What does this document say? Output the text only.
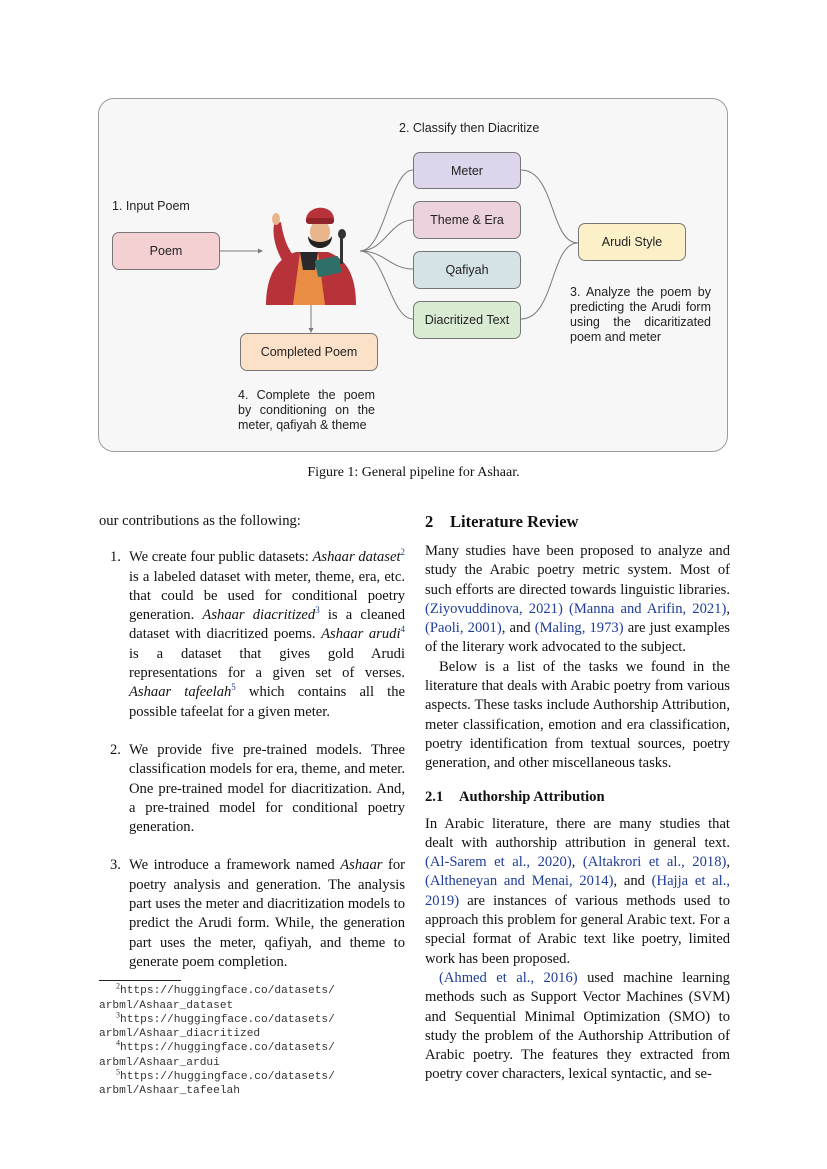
1. Input Poem
2. Classify then Diacritize
3. Analyze the poem by predicting the Arudi form using the dicaritizated poem and meter
4. Complete the poem by conditioning on the meter, qafiyah & theme
Poem
Meter
Theme & Era
Qafiyah
Diacritized Text
Arudi Style
Completed Poem
Figure 1: General pipeline for Ashaar.

our contributions as the following:

1. We create four public datasets: Ashaar dataset$^2$ is a labeled dataset with meter, theme, era, etc. that could be used for conditional poetry generation. Ashaar diacritized$^3$ is a cleaned dataset with diacritized poems. Ashaar arudi$^4$ is a dataset that gives gold Arudi representations for a given set of verses. Ashaar tafeelah$^5$ which contains all the possible tafeelat for a given meter.
2. We provide five pre-trained models. Three classification models for era, theme, and meter. One pre-trained model for diacritization. And, a pre-trained model for conditional poetry generation.
3. We introduce a framework named Ashaar for poetry analysis and generation. The analysis part uses the meter and diacritization models to predict the Arudi form. While, the generation part uses the meter, qafiyah, and theme to generate poem completion.
$^2$https://huggingface.co/datasets/
arbml/Ashaar_dataset
$^3$https://huggingface.co/datasets/
arbml/Ashaar_diacritized
$^4$https://huggingface.co/datasets/
arbml/Ashaar_ardui
$^5$https://huggingface.co/datasets/
arbml/Ashaar_tafeelah
2 Literature Review

Many studies have been proposed to analyze and study the Arabic poetry metric system. Most of such efforts are directed towards linguistic libraries. (Ziyovuddinova, 2021) (Manna and Arifin, 2021), (Paoli, 2001), and (Maling, 1973) are just examples of the literary work advocated to the subject.

Below is a list of the tasks we found in the literature that deals with Arabic poetry from various aspects. These tasks include Authorship Attribution, meter classification, emotion and era classification, poetry identification from textual sources, poetry generation, and other miscellaneous tasks.

2.1 Authorship Attribution

In Arabic literature, there are many studies that dealt with authorship attribution in general text. (Al-Sarem et al., 2020), (Altakrori et al., 2018), (Altheneyan and Menai, 2014), and (Hajja et al., 2019) are instances of various methods used to approach this problem for general Arabic text. For a special format of Arabic text like poetry, limited work has been proposed.

(Ahmed et al., 2016) used machine learning methods such as Support Vector Machines (SVM) and Sequential Minimal Optimization (SMO) to study the problem of the Authorship Attribution of Arabic poetry. The features they extracted from poetry cover characters, lexical syntactic, and se-
